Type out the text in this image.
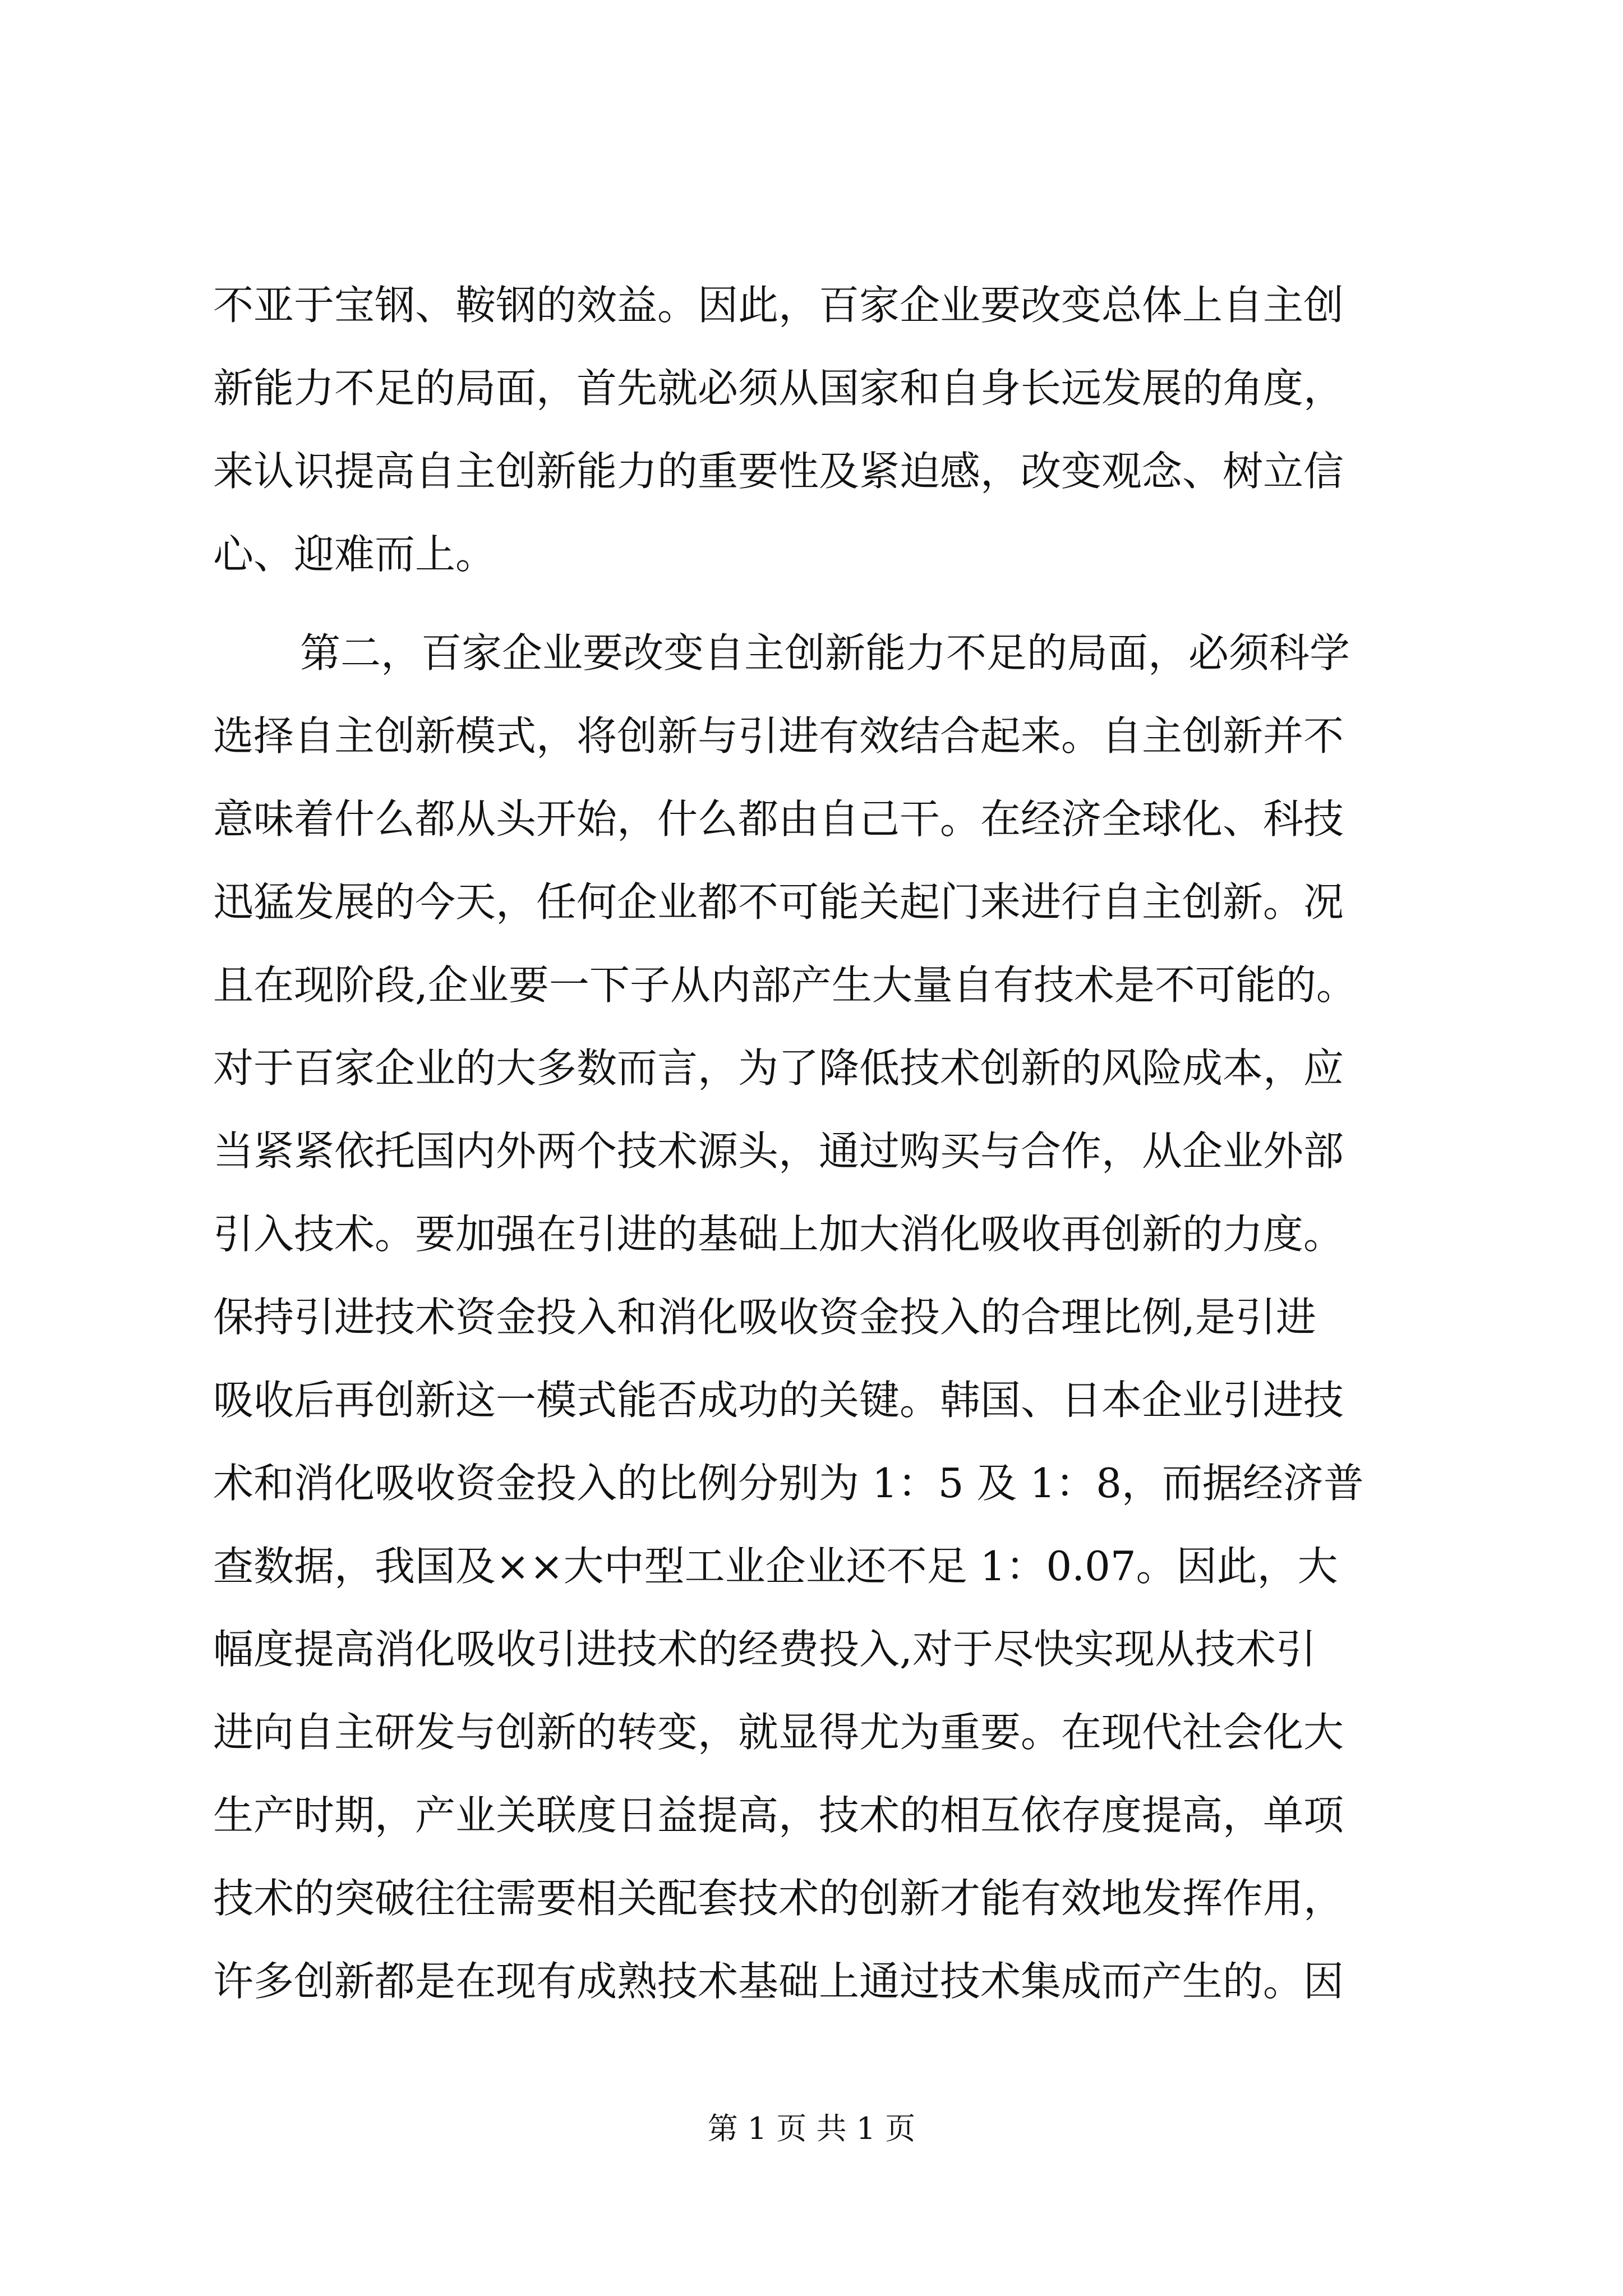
不亚于宝钢、鞍钢的效益。因此，百家企业要改变总体上自主创
新能力不足的局面，首先就必须从国家和自身长远发展的角度，
来认识提高自主创新能力的重要性及紧迫感，改变观念、树立信
心、迎难而上。
第二，百家企业要改变自主创新能力不足的局面，必须科学
选择自主创新模式，将创新与引进有效结合起来。自主创新并不
意味着什么都从头开始，什么都由自己干。在经济全球化、科技
迅猛发展的今天，任何企业都不可能关起门来进行自主创新。况
且在现阶段,企业要一下子从内部产生大量自有技术是不可能的。
对于百家企业的大多数而言，为了降低技术创新的风险成本，应
当紧紧依托国内外两个技术源头，通过购买与合作，从企业外部
引入技术。要加强在引进的基础上加大消化吸收再创新的力度。
保持引进技术资金投入和消化吸收资金投入的合理比例,是引进
吸收后再创新这一模式能否成功的关键。韩国、日本企业引进技
术和消化吸收资金投入的比例分别为 1：5 及 1：8，而据经济普
查数据，我国及××大中型工业企业还不足 1：0.07。因此，大
幅度提高消化吸收引进技术的经费投入,对于尽快实现从技术引
进向自主研发与创新的转变，就显得尤为重要。在现代社会化大
生产时期，产业关联度日益提高，技术的相互依存度提高，单项
技术的突破往往需要相关配套技术的创新才能有效地发挥作用，
许多创新都是在现有成熟技术基础上通过技术集成而产生的。因
第 1 页 共 1 页
